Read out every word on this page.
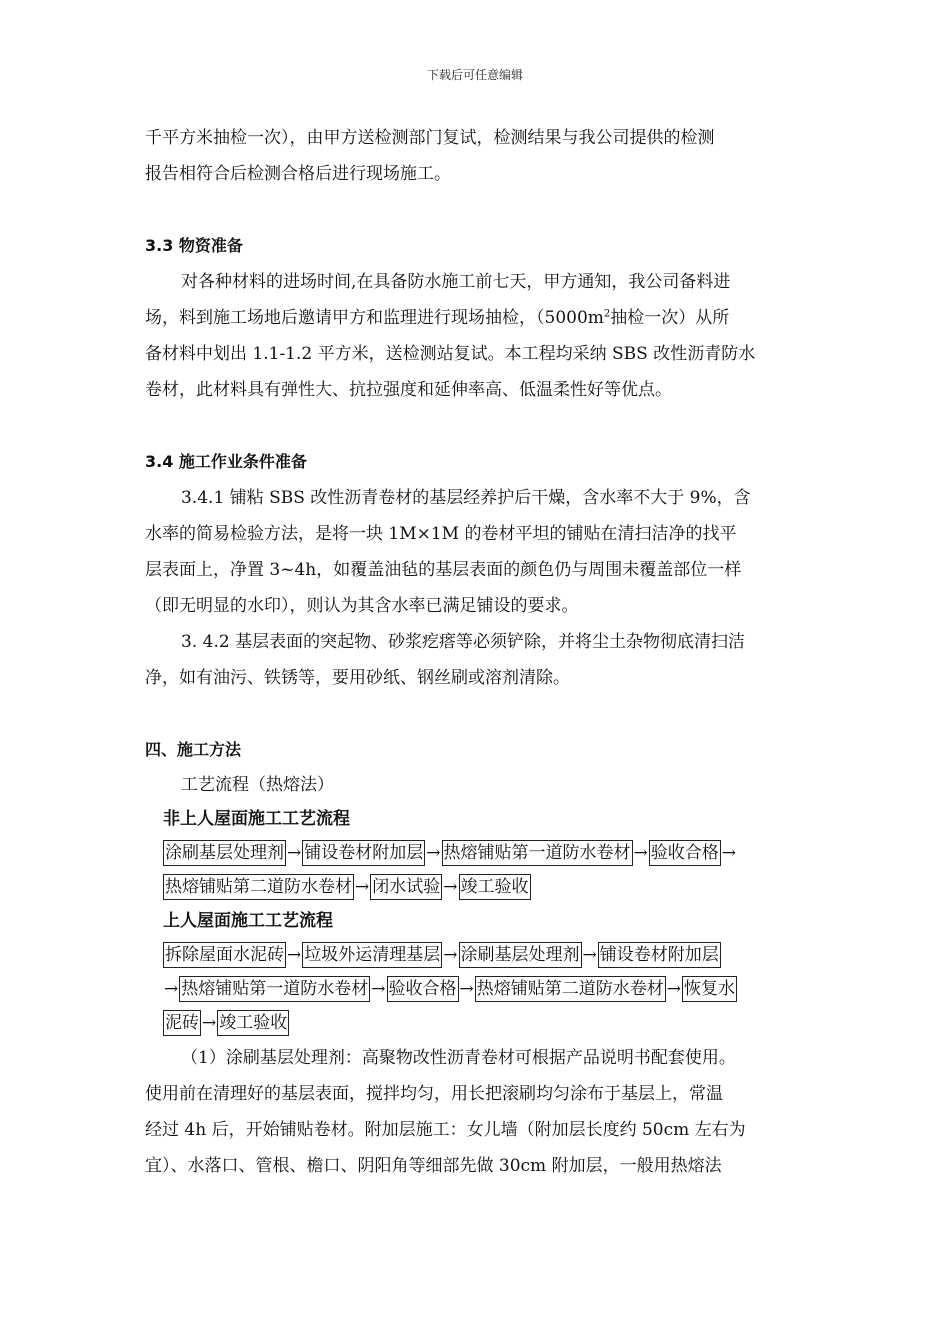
下载后可任意编辑
千平方米抽检一次），由甲方送检测部门复试，检测结果与我公司提供的检测
报告相符合后检测合格后进行现场施工。
3.3 物资准备
对各种材料的进场时间,在具备防水施工前七天，甲方通知，我公司备料进
场，料到施工场地后邀请甲方和监理进行现场抽检，（$5000m^2$抽检一次）从所
备材料中划出 1.1-1.2 平方米，送检测站复试。本工程均采纳 SBS 改性沥青防水
卷材，此材料具有弹性大、抗拉强度和延伸率高、低温柔性好等优点。
3.4 施工作业条件准备
3.4.1 铺粘 SBS 改性沥青卷材的基层经养护后干燥，含水率不大于 9%，含
水率的简易检验方法，是将一块 1M×1M 的卷材平坦的铺贴在清扫洁净的找平
层表面上，净置 3~4h，如覆盖油毡的基层表面的颜色仍与周围未覆盖部位一样
（即无明显的水印），则认为其含水率已满足铺设的要求。
3. 4.2 基层表面的突起物、砂浆疙瘩等必须铲除，并将尘土杂物彻底清扫洁
净，如有油污、铁锈等，要用砂纸、钢丝刷或溶剂清除。
四、施工方法
工艺流程（热熔法）
非上人屋面施工工艺流程
涂刷基层处理剂 → 铺设卷材附加层 → 热熔铺贴第一道防水卷材 → 验收合格 →
热熔铺贴第二道防水卷材 → 闭水试验 → 竣工验收
上人屋面施工工艺流程
拆除屋面水泥砖 → 垃圾外运清理基层 → 涂刷基层处理剂 → 铺设卷材附加层
→ 热熔铺贴第一道防水卷材 → 验收合格 → 热熔铺贴第二道防水卷材 → 恢复水
泥砖 → 竣工验收
（1）涂刷基层处理剂：高聚物改性沥青卷材可根据产品说明书配套使用。
使用前在清理好的基层表面，搅拌均匀，用长把滚刷均匀涂布于基层上，常温
经过 4h 后，开始铺贴卷材。附加层施工：女儿墙（附加层长度约 50cm 左右为
宜）、水落口、管根、檐口、阴阳角等细部先做 30cm 附加层，一般用热熔法
